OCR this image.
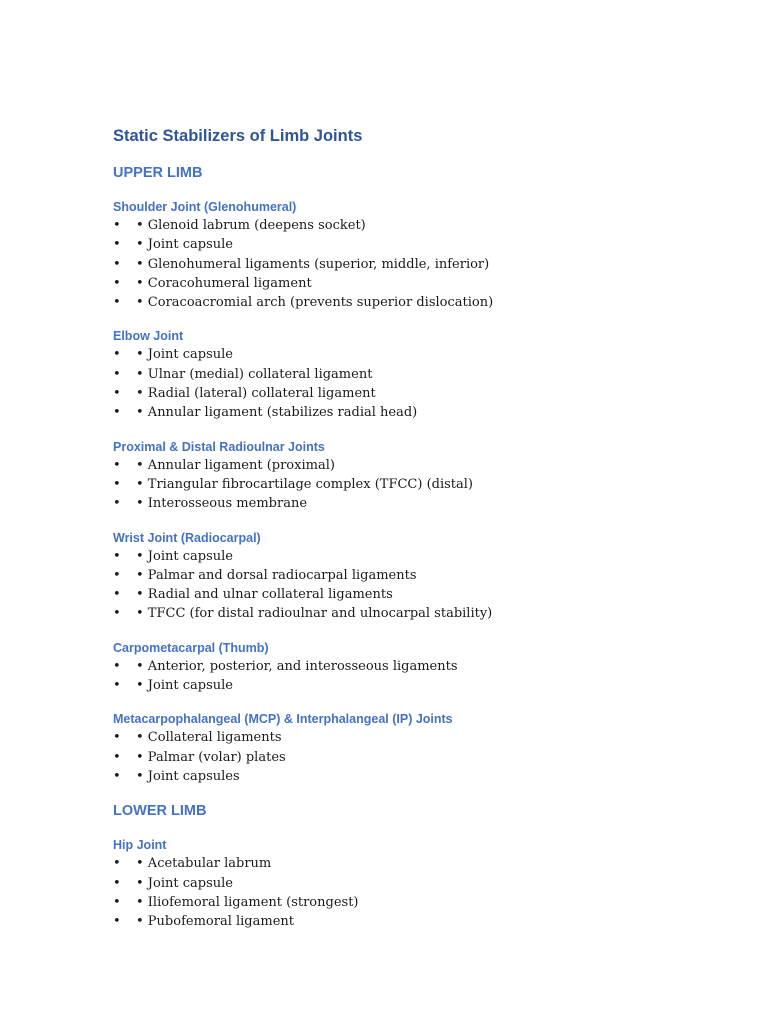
Static Stabilizers of Limb Joints
UPPER LIMB
Shoulder Joint (Glenohumeral)
• • Glenoid labrum (deepens socket)
• • Joint capsule
• • Glenohumeral ligaments (superior, middle, inferior)
• • Coracohumeral ligament
• • Coracoacromial arch (prevents superior dislocation)
Elbow Joint
• • Joint capsule
• • Ulnar (medial) collateral ligament
• • Radial (lateral) collateral ligament
• • Annular ligament (stabilizes radial head)
Proximal & Distal Radioulnar Joints
• • Annular ligament (proximal)
• • Triangular fibrocartilage complex (TFCC) (distal)
• • Interosseous membrane
Wrist Joint (Radiocarpal)
• • Joint capsule
• • Palmar and dorsal radiocarpal ligaments
• • Radial and ulnar collateral ligaments
• • TFCC (for distal radioulnar and ulnocarpal stability)
Carpometacarpal (Thumb)
• • Anterior, posterior, and interosseous ligaments
• • Joint capsule
Metacarpophalangeal (MCP) & Interphalangeal (IP) Joints
• • Collateral ligaments
• • Palmar (volar) plates
• • Joint capsules
LOWER LIMB
Hip Joint
• • Acetabular labrum
• • Joint capsule
• • Iliofemoral ligament (strongest)
• • Pubofemoral ligament
